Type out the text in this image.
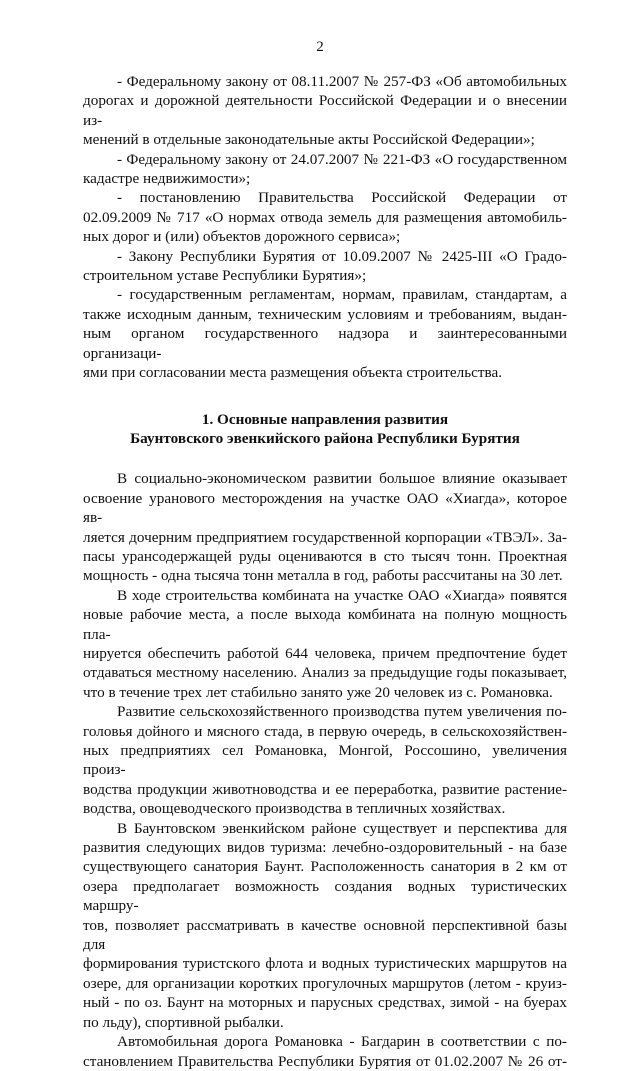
2

- Федеральному закону от 08.11.2007 № 257-ФЗ «Об автомобильных

дорогах и дорожной деятельности Российской Федерации и о внесении из-

менений в отдельные законодательные акты Российской Федерации»;

- Федеральному закону от 24.07.2007 № 221-ФЗ «О государственном

кадастре недвижимости»;

- постановлению Правительства Российской Федерации от

02.09.2009 № 717 «О нормах отвода земель для размещения автомобиль-

ных дорог и (или) объектов дорожного сервиса»;

- Закону Республики Бурятия от 10.09.2007 № 2425-III «О Градо-

строительном уставе Республики Бурятия»;

- государственным регламентам, нормам, правилам, стандартам, а

также исходным данным, техническим условиям и требованиям, выдан-

ным органом государственного надзора и заинтересованными организаци-

ями при согласовании места размещения объекта строительства.

1. Основные направления развития
Баунтовского эвенкийского района Республики Бурятия

В социально-экономическом развитии большое влияние оказывает

освоение уранового месторождения на участке ОАО «Хиагда», которое яв-

ляется дочерним предприятием государственной корпорации «ТВЭЛ». За-

пасы урансодержащей руды оцениваются в сто тысяч тонн. Проектная

мощность - одна тысяча тонн металла в год, работы рассчитаны на 30 лет.

В ходе строительства комбината на участке ОАО «Хиагда» появятся

новые рабочие места, а после выхода комбината на полную мощность пла-

нируется обеспечить работой 644 человека, причем предпочтение будет

отдаваться местному населению. Анализ за предыдущие годы показывает,

что в течение трех лет стабильно занято уже 20 человек из с. Романовка.

Развитие сельскохозяйственного производства путем увеличения по-

головья дойного и мясного стада, в первую очередь, в сельскохозяйствен-

ных предприятиях сел Романовка, Монгой, Россошино, увеличения произ-

водства продукции животноводства и ее переработка, развитие растение-

водства, овощеводческого производства в тепличных хозяйствах.

В Баунтовском эвенкийском районе существует и перспектива для

развития следующих видов туризма: лечебно-оздоровительный - на базе

существующего санатория Баунт. Расположенность санатория в 2 км от

озера предполагает возможность создания водных туристических маршру-

тов, позволяет рассматривать в качестве основной перспективной базы для

формирования туристского флота и водных туристических маршрутов на

озере, для организации коротких прогулочных маршрутов (летом - круиз-

ный - по оз. Баунт на моторных и парусных средствах, зимой - на буерах

по льду), спортивной рыбалки.

Автомобильная дорога Романовка - Багдарин в соответствии с по-

становлением Правительства Республики Бурятия от 01.02.2007 № 26 от-
